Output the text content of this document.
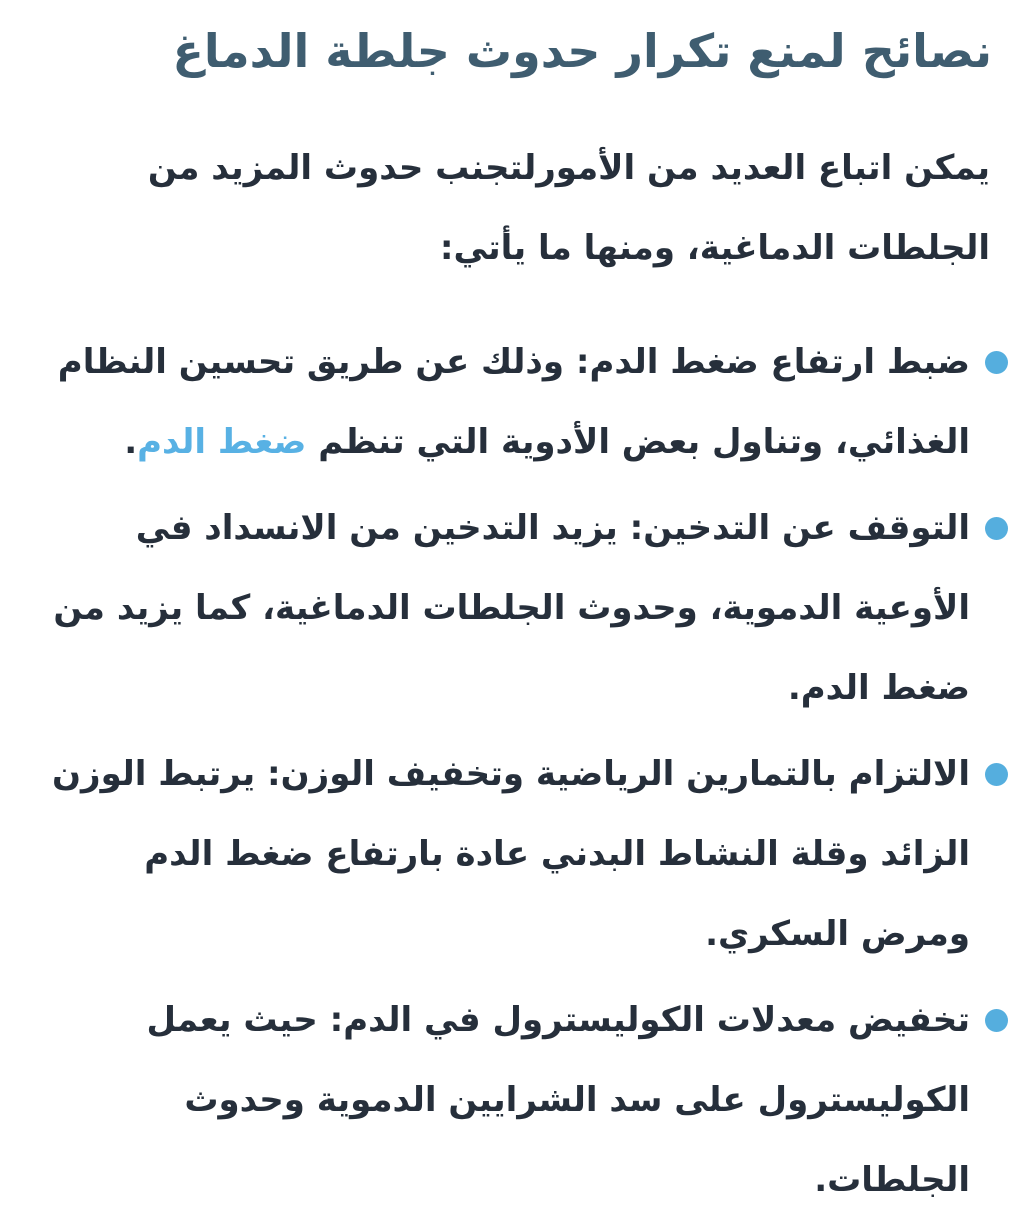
نصائح لمنع تكرار حدوث جلطة الدماغ

يمكن اتباع العديد من الأمورلتجنب حدوث المزيد من الجلطات الدماغية، ومنها ما يأتي:

ضبط ارتفاع ضغط الدم: وذلك عن طريق تحسين النظام الغذائي، وتناول بعض الأدوية التي تنظم ضغط الدم.
التوقف عن التدخين: يزيد التدخين من الانسداد في الأوعية الدموية، وحدوث الجلطات الدماغية، كما يزيد من ضغط الدم.
الالتزام بالتمارين الرياضية وتخفيف الوزن: يرتبط الوزن الزائد وقلة النشاط البدني عادة بارتفاع ضغط الدم ومرض السكري.
تخفيض معدلات الكوليسترول في الدم: حيث يعمل الكوليسترول على سد الشرايين الدموية وحدوث الجلطات.
